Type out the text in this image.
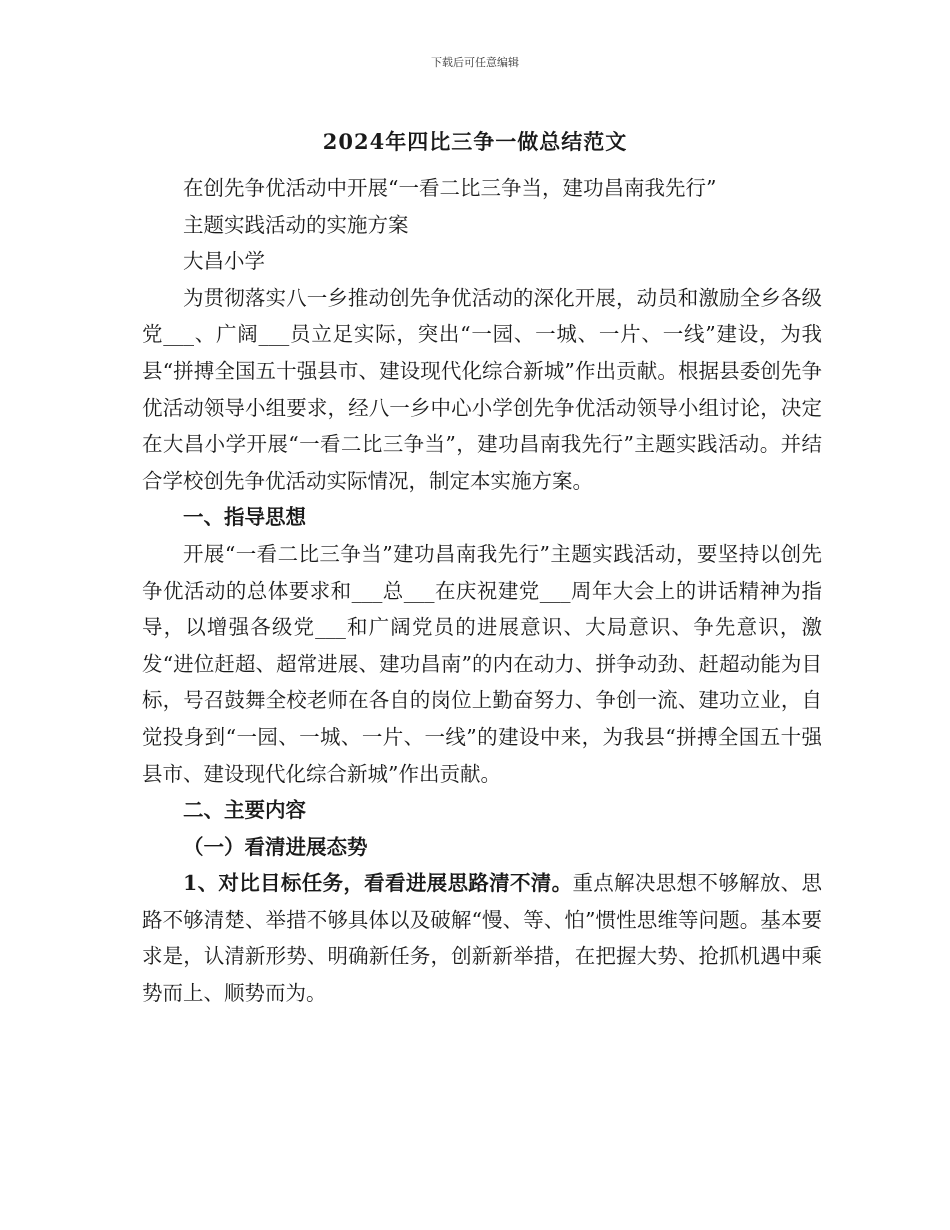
下载后可任意编辑
2024年四比三争一做总结范文

在创先争优活动中开展“一看二比三争当，建功昌南我先行”

主题实践活动的实施方案

大昌小学

为贯彻落实八一乡推动创先争优活动的深化开展，动员和激励全乡各级党___、广阔___员立足实际，突出“一园、一城、一片、一线”建设，为我县“拼搏全国五十强县市、建设现代化综合新城”作出贡献。根据县委创先争优活动领导小组要求，经八一乡中心小学创先争优活动领导小组讨论，决定在大昌小学开展“一看二比三争当”，建功昌南我先行”主题实践活动。并结合学校创先争优活动实际情况，制定本实施方案。

一、指导思想

开展“一看二比三争当”建功昌南我先行”主题实践活动，要坚持以创先争优活动的总体要求和___总___在庆祝建党___周年大会上的讲话精神为指导，以增强各级党___和广阔党员的进展意识、大局意识、争先意识，激发“进位赶超、超常进展、建功昌南”的内在动力、拼争动劲、赶超动能为目标，号召鼓舞全校老师在各自的岗位上勤奋努力、争创一流、建功立业，自觉投身到“一园、一城、一片、一线”的建设中来，为我县“拼搏全国五十强县市、建设现代化综合新城”作出贡献。

二、主要内容

（一）看清进展态势

1、对比目标任务，看看进展思路清不清。重点解决思想不够解放、思路不够清楚、举措不够具体以及破解“慢、等、怕”惯性思维等问题。基本要求是，认清新形势、明确新任务，创新新举措，在把握大势、抢抓机遇中乘势而上、顺势而为。
